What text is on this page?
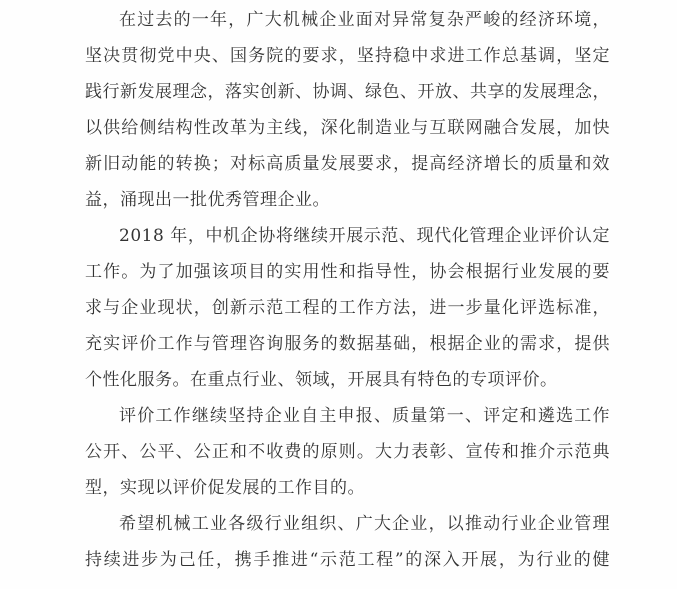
在过去的一年，广大机械企业面对异常复杂严峻的经济环境，
坚决贯彻党中央、国务院的要求，坚持稳中求进工作总基调，坚定
践行新发展理念，落实创新、协调、绿色、开放、共享的发展理念，
以供给侧结构性改革为主线，深化制造业与互联网融合发展，加快
新旧动能的转换；对标高质量发展要求，提高经济增长的质量和效
益，涌现出一批优秀管理企业。
2018 年，中机企协将继续开展示范、现代化管理企业评价认定
工作。为了加强该项目的实用性和指导性，协会根据行业发展的要
求与企业现状，创新示范工程的工作方法，进一步量化评选标准，
充实评价工作与管理咨询服务的数据基础，根据企业的需求，提供
个性化服务。在重点行业、领域，开展具有特色的专项评价。
评价工作继续坚持企业自主申报、质量第一、评定和遴选工作
公开、公平、公正和不收费的原则。大力表彰、宣传和推介示范典
型，实现以评价促发展的工作目的。
希望机械工业各级行业组织、广大企业，以推动行业企业管理
持续进步为己任，携手推进“示范工程”的深入开展，为行业的健
